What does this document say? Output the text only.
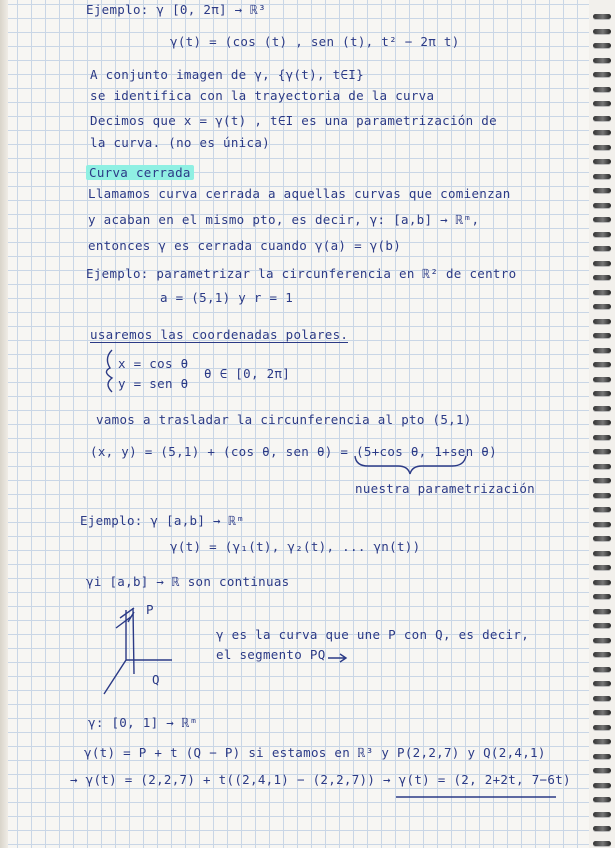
Ejemplo: γ [0, 2π] → ℝ³
γ(t) = (cos (t) , sen (t), t² − 2π t)
A conjunto imagen de γ, {γ(t), t∈I}
se identifica con la trayectoria de la curva
Decimos que x = γ(t) , t∈I es una parametrización de
la curva. (no es única)
Curva cerrada
Llamamos curva cerrada a aquellas curvas que comienzan
y acaban en el mismo pto, es decir, γ: [a,b] → ℝᵐ,
entonces γ es cerrada cuando γ(a) = γ(b)
Ejemplo: parametrizar la circunferencia en ℝ² de centro
a = (5,1) y r = 1
usaremos las coordenadas polares.
x = cos θ
y = sen θ
θ ∈ [0, 2π]
vamos a trasladar la circunferencia al pto (5,1)
(x, y) = (5,1) + (cos θ, sen θ) = (5+cos θ, 1+sen θ)
nuestra parametrización
Ejemplo: γ [a,b] → ℝᵐ
γ(t) = (γ₁(t), γ₂(t), ... γn(t))
γi [a,b] → ℝ son continuas
P
Q
γ es la curva que une P con Q, es decir,
el segmento PQ
γ: [0, 1] → ℝᵐ
γ(t) = P + t (Q − P) si estamos en ℝ³ y P(2,2,7) y Q(2,4,1)
→ γ(t) = (2,2,7) + t((2,4,1) − (2,2,7)) → γ(t) = (2, 2+2t, 7−6t)
